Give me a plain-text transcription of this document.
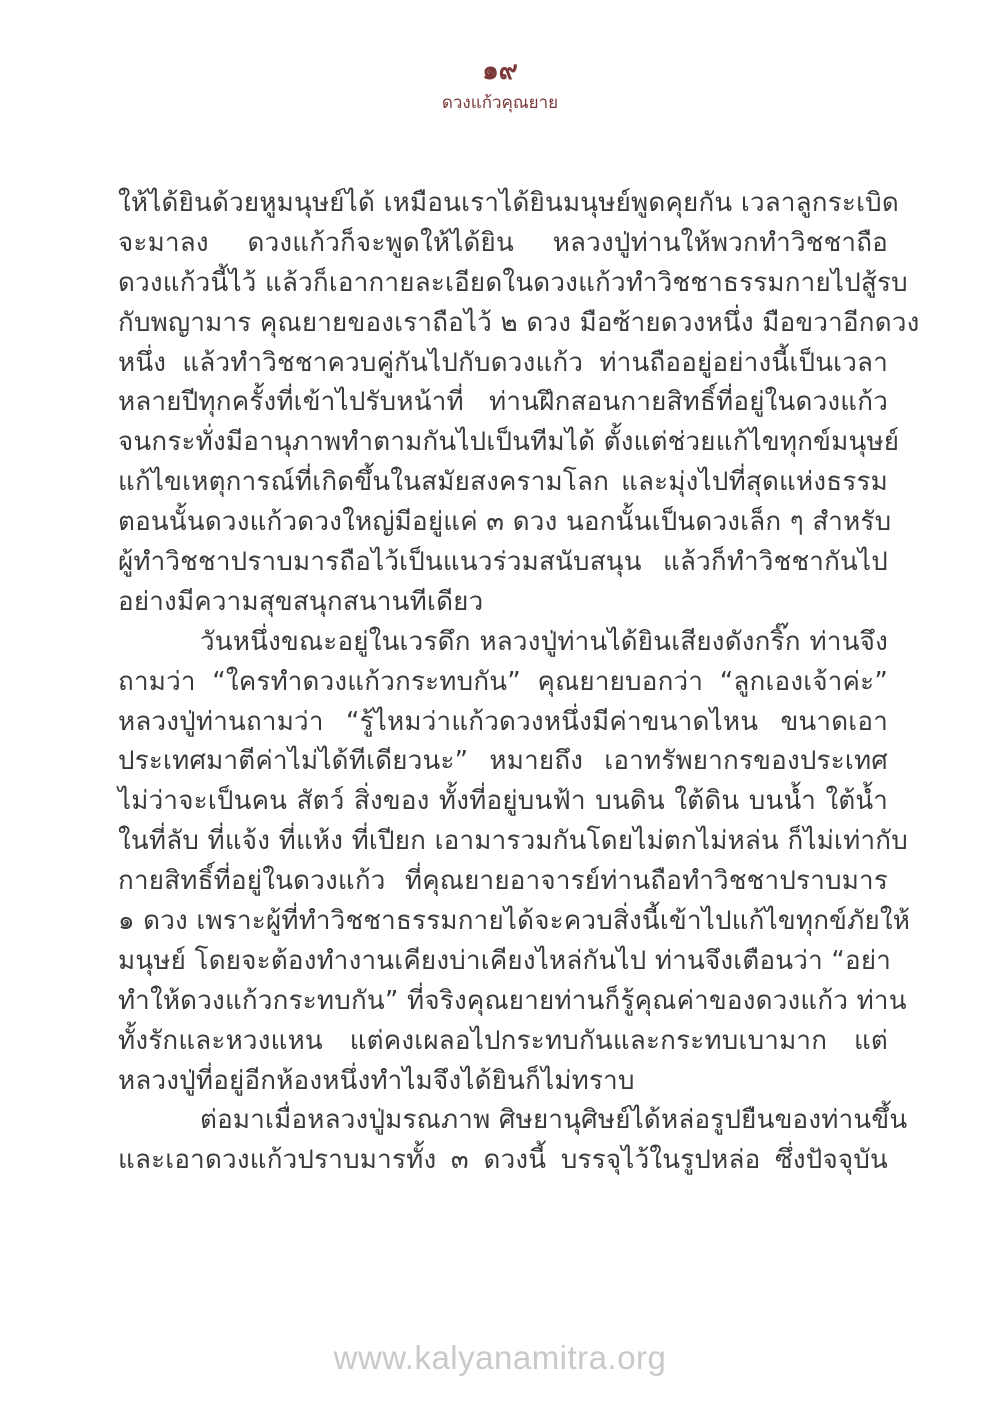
๑๙
ดวงแก้วคุณยาย
ให้ได้ยินด้วยหูมนุษย์ได้ เหมือนเราได้ยินมนุษย์พูดคุยกัน เวลาลูกระเบิด
จะมาลง ดวงแก้วก็จะพูดให้ได้ยิน หลวงปู่ท่านให้พวกทำวิชชาถือ
ดวงแก้วนี้ไว้ แล้วก็เอากายละเอียดในดวงแก้วทำวิชชาธรรมกายไปสู้รบ
กับพญามาร คุณยายของเราถือไว้ ๒ ดวง มือซ้ายดวงหนึ่ง มือขวาอีกดวง
หนึ่ง แล้วทำวิชชาควบคู่กันไปกับดวงแก้ว ท่านถืออยู่อย่างนี้เป็นเวลา
หลายปีทุกครั้งที่เข้าไปรับหน้าที่ ท่านฝึกสอนกายสิทธิ์ที่อยู่ในดวงแก้ว
จนกระทั่งมีอานุภาพทำตามกันไปเป็นทีมได้ ตั้งแต่ช่วยแก้ไขทุกข์มนุษย์
แก้ไขเหตุการณ์ที่เกิดขึ้นในสมัยสงครามโลก และมุ่งไปที่สุดแห่งธรรม
ตอนนั้นดวงแก้วดวงใหญ่มีอยู่แค่ ๓ ดวง นอกนั้นเป็นดวงเล็ก ๆ สำหรับ
ผู้ทำวิชชาปราบมารถือไว้เป็นแนวร่วมสนับสนุน แล้วก็ทำวิชชากันไป
อย่างมีความสุขสนุกสนานทีเดียว
วันหนึ่งขณะอยู่ในเวรดึก หลวงปู่ท่านได้ยินเสียงดังกริ๊ก ท่านจึง
ถามว่า “ใครทำดวงแก้วกระทบกัน” คุณยายบอกว่า “ลูกเองเจ้าค่ะ”
หลวงปู่ท่านถามว่า “รู้ไหมว่าแก้วดวงหนึ่งมีค่าขนาดไหน ขนาดเอา
ประเทศมาตีค่าไม่ได้ทีเดียวนะ” หมายถึง เอาทรัพยากรของประเทศ
ไม่ว่าจะเป็นคน สัตว์ สิ่งของ ทั้งที่อยู่บนฟ้า บนดิน ใต้ดิน บนน้ำ ใต้น้ำ
ในที่ลับ ที่แจ้ง ที่แห้ง ที่เปียก เอามารวมกันโดยไม่ตกไม่หล่น ก็ไม่เท่ากับ
กายสิทธิ์ที่อยู่ในดวงแก้ว ที่คุณยายอาจารย์ท่านถือทำวิชชาปราบมาร
๑ ดวง เพราะผู้ที่ทำวิชชาธรรมกายได้จะควบสิ่งนี้เข้าไปแก้ไขทุกข์ภัยให้
มนุษย์ โดยจะต้องทำงานเคียงบ่าเคียงไหล่กันไป ท่านจึงเตือนว่า “อย่า
ทำให้ดวงแก้วกระทบกัน” ที่จริงคุณยายท่านก็รู้คุณค่าของดวงแก้ว ท่าน
ทั้งรักและหวงแหน แต่คงเผลอไปกระทบกันและกระทบเบามาก แต่
หลวงปู่ที่อยู่อีกห้องหนึ่งทำไมจึงได้ยินก็ไม่ทราบ
ต่อมาเมื่อหลวงปู่มรณภาพ ศิษยานุศิษย์ได้หล่อรูปยืนของท่านขึ้น
และเอาดวงแก้วปราบมารทั้ง ๓ ดวงนี้ บรรจุไว้ในรูปหล่อ ซึ่งปัจจุบัน
www.kalyanamitra.org
